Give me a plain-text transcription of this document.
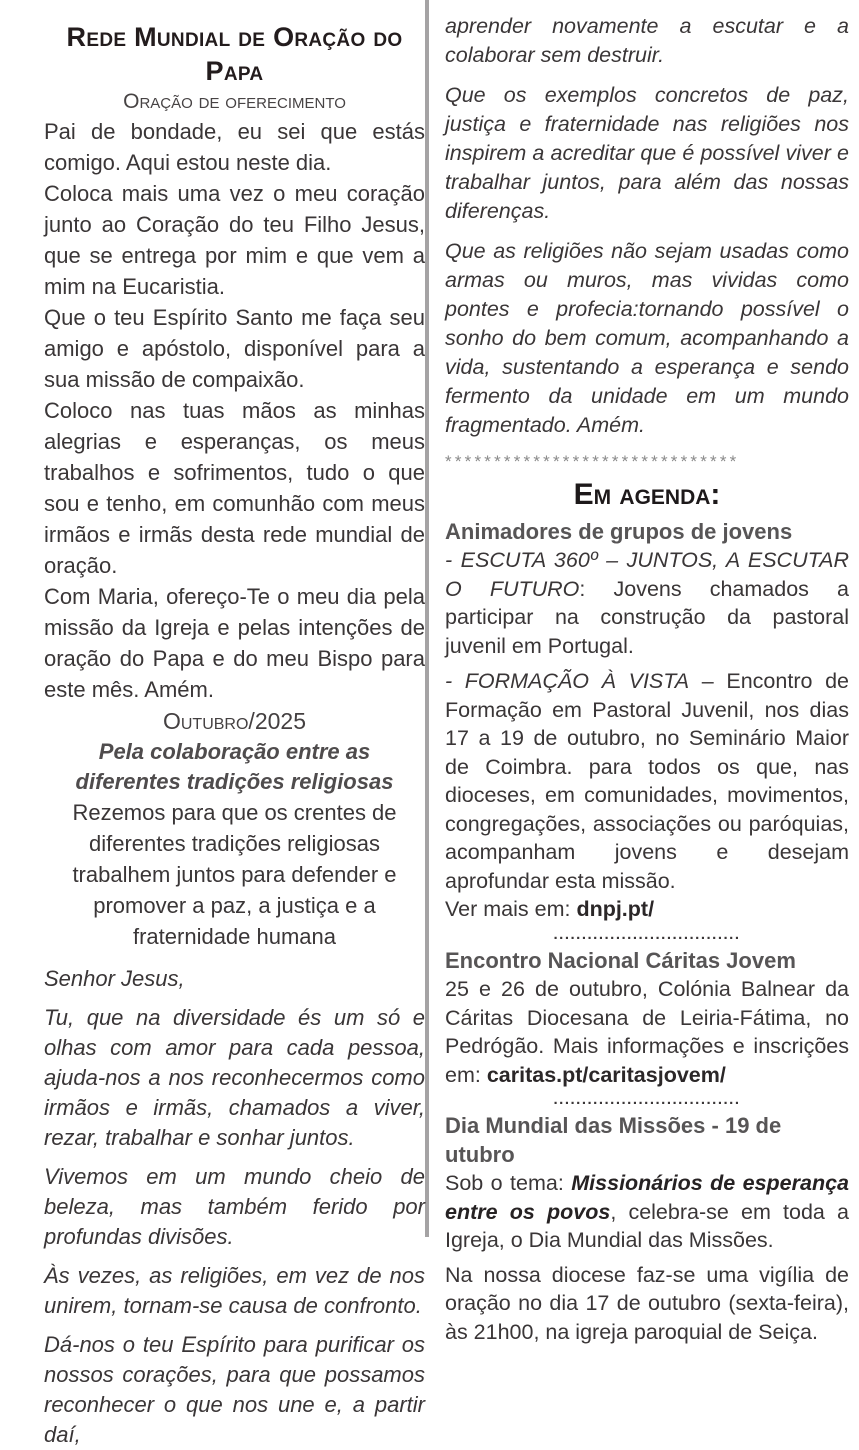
Rede Mundial de Oração do Papa
Oração de oferecimento

Pai de bondade, eu sei que estás comigo. Aqui estou neste dia.

Coloca mais uma vez o meu coração junto ao Coração do teu Filho Jesus, que se entrega por mim e que vem a mim na Eucaristia.

Que o teu Espírito Santo me faça seu amigo e apóstolo, disponível para a sua missão de compaixão.

Coloco nas tuas mãos as minhas alegrias e esperanças, os meus trabalhos e sofrimentos, tudo o que sou e tenho, em comunhão com meus irmãos e irmãs desta rede mundial de oração.

Com Maria, ofereço-Te o meu dia pela missão da Igreja e pelas intenções de oração do Papa e do meu Bispo para este mês. Amém.

Outubro/2025
Pela colaboração entre as diferentes tradições religiosas
Rezemos para que os crentes de diferentes tradições religiosas trabalhem juntos para defender e promover a paz, a justiça e a fraternidade humana

Senhor Jesus,

Tu, que na diversidade és um só e olhas com amor para cada pessoa, ajuda-nos a nos reconhecermos como irmãos e irmãs, chamados a viver, rezar, trabalhar e sonhar juntos.

Vivemos em um mundo cheio de beleza, mas também ferido por profundas divisões.

Às vezes, as religiões, em vez de nos unirem, tornam-se causa de confronto.

Dá-nos o teu Espírito para purificar os nossos corações, para que possamos reconhecer o que nos une e, a partir daí,

aprender novamente a escutar e a colaborar sem destruir.

Que os exemplos concretos de paz, justiça e fraternidade nas religiões nos inspirem a acreditar que é possível viver e trabalhar juntos, para além das nossas diferenças.

Que as religiões não sejam usadas como armas ou muros, mas vividas como pontes e profecia:tornando possível o sonho do bem comum, acompanhando a vida, sustentando a esperança e sendo fermento da unidade em um mundo fragmentado. Amém.

******************************
Em agenda:
Animadores de grupos de jovens

- ESCUTA 360º – JUNTOS, A ESCUTAR O FUTURO: Jovens chamados a participar na construção da pastoral juvenil em Portugal.

- FORMAÇÃO À VISTA – Encontro de Formação em Pastoral Juvenil, nos dias 17 a 19 de outubro, no Seminário Maior de Coimbra. para todos os que, nas dioceses, em comunidades, movimentos, congregações, associações ou paróquias, acompanham jovens e desejam aprofundar esta missão.

Ver mais em: dnpj.pt/
.................................
Encontro Nacional Cáritas Jovem

25 e 26 de outubro, Colónia Balnear da Cáritas Diocesana de Leiria-Fátima, no Pedrógão. Mais informações e inscrições em: caritas.pt/caritasjovem/

.................................
Dia Mundial das Missões - 19 de utubro

Sob o tema: Missionários de esperança entre os povos, celebra-se em toda a Igreja, o Dia Mundial das Missões.

Na nossa diocese faz-se uma vigília de oração no dia 17 de outubro (sexta-feira), às 21h00, na igreja paroquial de Seiça.
